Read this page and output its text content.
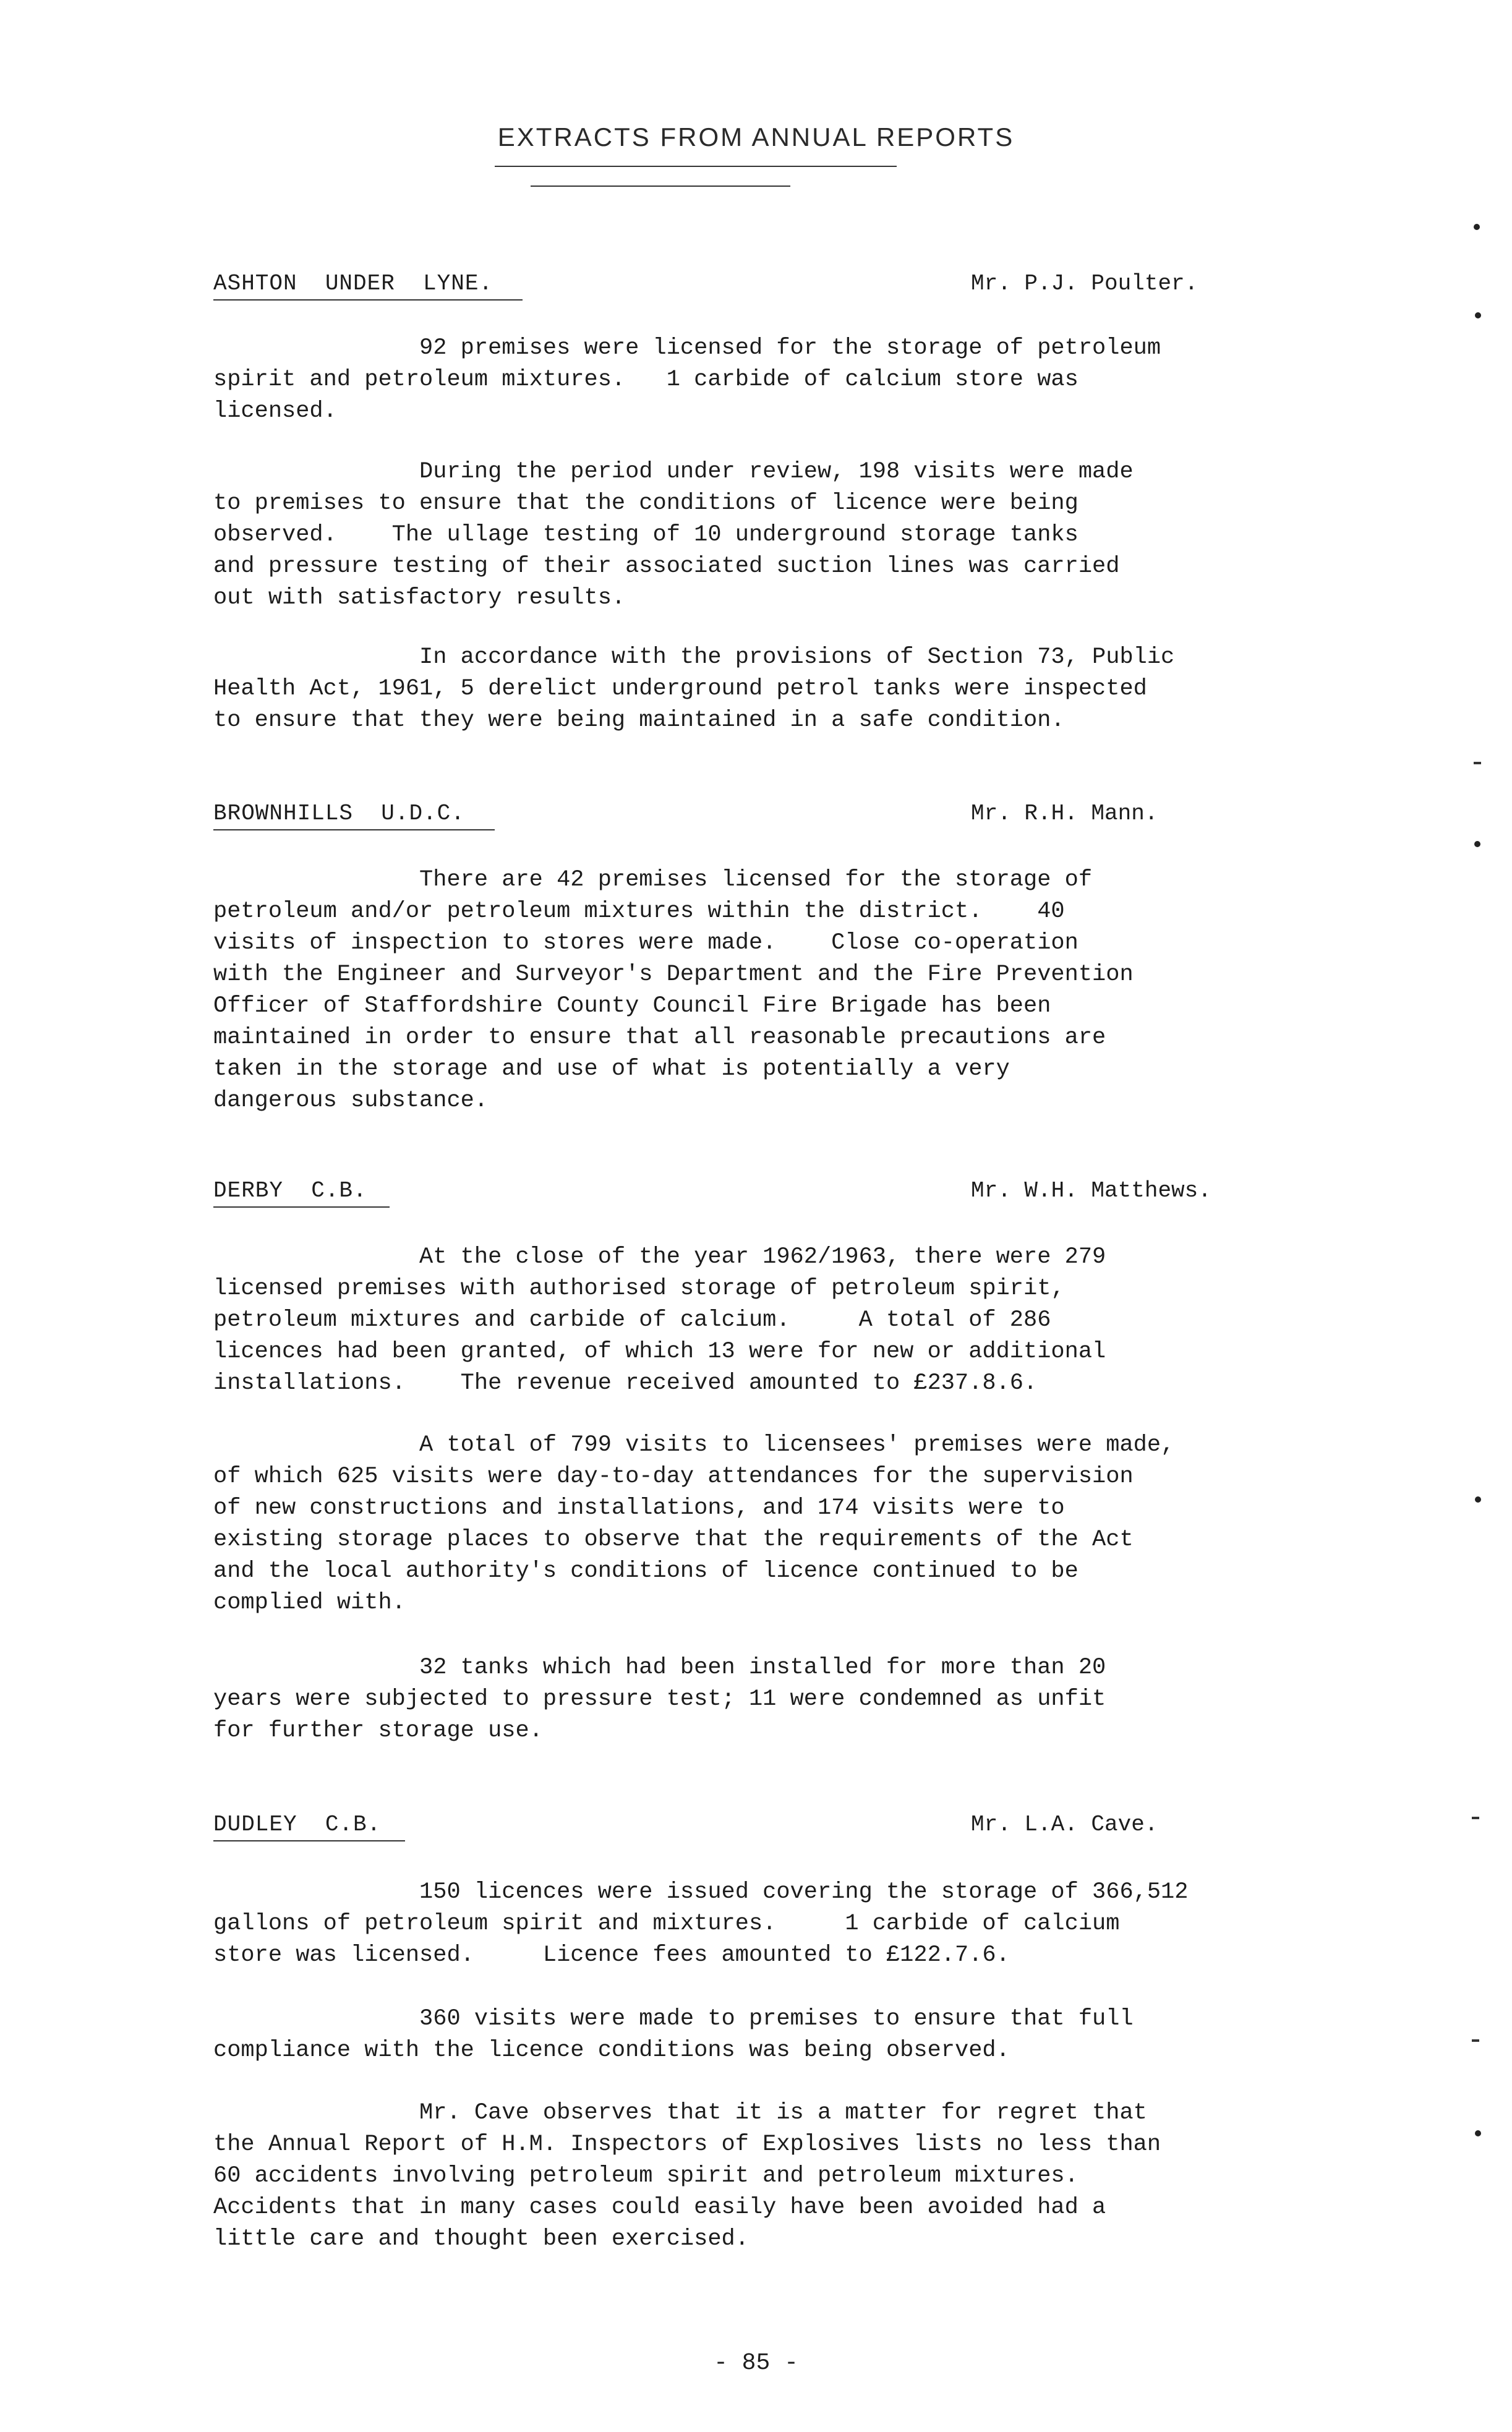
EXTRACTS FROM ANNUAL REPORTS
ASHTON  UNDER  LYNE.	Mr. P.J. Poulter.

92 premises were licensed for the storage of petroleum
spirit and petroleum mixtures.   1 carbide of calcium store was
licensed.

During the period under review, 198 visits were made
to premises to ensure that the conditions of licence were being
observed.    The ullage testing of 10 underground storage tanks
and pressure testing of their associated suction lines was carried
out with satisfactory results.

In accordance with the provisions of Section 73, Public
Health Act, 1961, 5 derelict underground petrol tanks were inspected
to ensure that they were being maintained in a safe condition.

BROWNHILLS  U.D.C.	Mr. R.H. Mann.

There are 42 premises licensed for the storage of
petroleum and/or petroleum mixtures within the district.    40
visits of inspection to stores were made.    Close co-operation
with the Engineer and Surveyor's Department and the Fire Prevention
Officer of Staffordshire County Council Fire Brigade has been
maintained in order to ensure that all reasonable precautions are
taken in the storage and use of what is potentially a very
dangerous substance.

DERBY  C.B.	Mr. W.H. Matthews.

At the close of the year 1962/1963, there were 279
licensed premises with authorised storage of petroleum spirit,
petroleum mixtures and carbide of calcium.     A total of 286
licences had been granted, of which 13 were for new or additional
installations.    The revenue received amounted to £237.8.6.

A total of 799 visits to licensees' premises were made,
of which 625 visits were day-to-day attendances for the supervision
of new constructions and installations, and 174 visits were to
existing storage places to observe that the requirements of the Act
and the local authority's conditions of licence continued to be
complied with.

32 tanks which had been installed for more than 20
years were subjected to pressure test; 11 were condemned as unfit
for further storage use.

DUDLEY  C.B.	Mr. L.A. Cave.

150 licences were issued covering the storage of 366,512
gallons of petroleum spirit and mixtures.     1 carbide of calcium
store was licensed.     Licence fees amounted to £122.7.6.

360 visits were made to premises to ensure that full
compliance with the licence conditions was being observed.

Mr. Cave observes that it is a matter for regret that
the Annual Report of H.M. Inspectors of Explosives lists no less than
60 accidents involving petroleum spirit and petroleum mixtures.
Accidents that in many cases could easily have been avoided had a
little care and thought been exercised.

- 85 -
